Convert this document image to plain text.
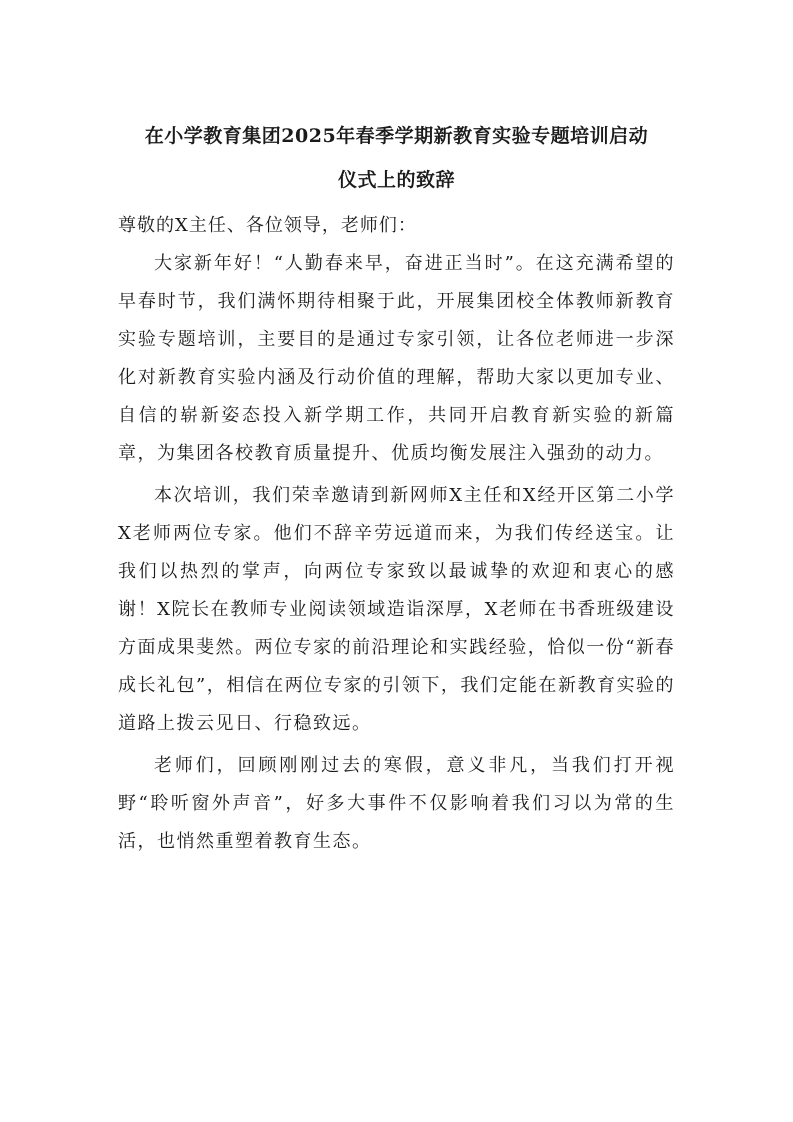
在小学教育集团2025年春季学期新教育实验专题培训启动
仪式上的致辞
尊敬的X主任、各位领导，老师们：

大家新年好！“人勤春来早，奋进正当时”。在这充满希望的早春时节，我们满怀期待相聚于此，开展集团校全体教师新教育实验专题培训，主要目的是通过专家引领，让各位老师进一步深化对新教育实验内涵及行动价值的理解，帮助大家以更加专业、自信的崭新姿态投入新学期工作，共同开启教育新实验的新篇章，为集团各校教育质量提升、优质均衡发展注入强劲的动力。

本次培训，我们荣幸邀请到新网师X主任和X经开区第二小学X老师两位专家。他们不辞辛劳远道而来，为我们传经送宝。让我们以热烈的掌声，向两位专家致以最诚挚的欢迎和衷心的感谢！X院长在教师专业阅读领域造诣深厚，X老师在书香班级建设方面成果斐然。两位专家的前沿理论和实践经验，恰似一份“新春成长礼包”，相信在两位专家的引领下，我们定能在新教育实验的道路上拨云见日、行稳致远。

老师们，回顾刚刚过去的寒假，意义非凡，当我们打开视野“聆听窗外声音”，好多大事件不仅影响着我们习以为常的生活，也悄然重塑着教育生态。
